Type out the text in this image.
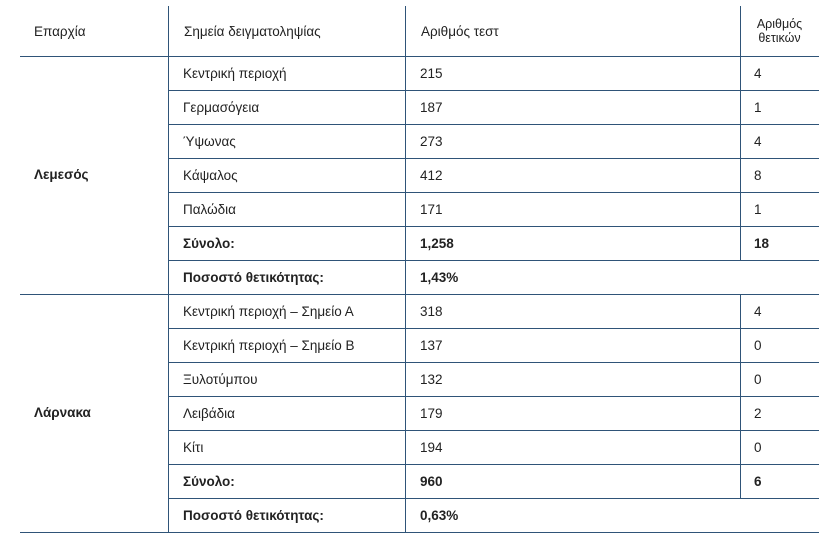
Επαρχία	Σημεία δειγματοληψίας	Αριθμός τεστ	Αριθμός
θετικών
Λεμεσός
Κεντρική περιοχή	215	4
Γερμασόγεια	187	1
Ύψωνας	273	4
Κάψαλος	412	8
Παλώδια	171	1
Σύνολο:	1,258	18
Ποσοστό θετικότητας:	1,43%
Λάρνακα
Κεντρική περιοχή – Σημείο Α	318	4
Κεντρική περιοχή – Σημείο Β	137	0
Ξυλοτύμπου	132	0
Λειβάδια	179	2
Κίτι	194	0
Σύνολο:	960	6
Ποσοστό θετικότητας:	0,63%
